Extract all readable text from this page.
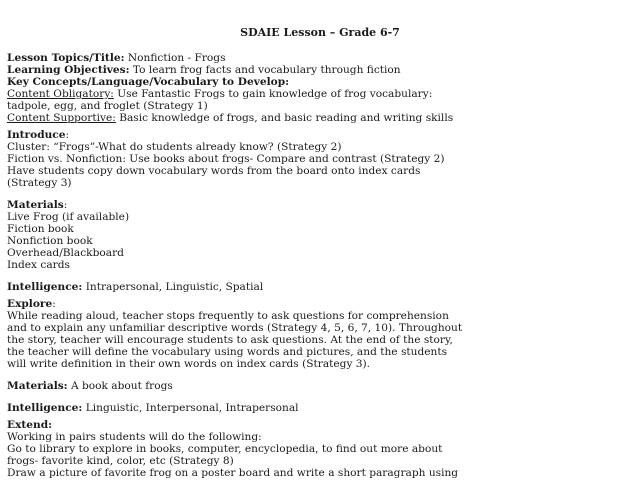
SDAIE Lesson – Grade 6-7
Lesson Topics/Title: Nonfiction - Frogs
Learning Objectives: To learn frog facts and vocabulary through fiction
Key Concepts/Language/Vocabulary to Develop:
Content Obligatory: Use Fantastic Frogs to gain knowledge of frog vocabulary:
tadpole, egg, and froglet (Strategy 1)
Content Supportive: Basic knowledge of frogs, and basic reading and writing skills
Introduce:
Cluster: “Frogs”-What do students already know? (Strategy 2)
Fiction vs. Nonfiction: Use books about frogs- Compare and contrast (Strategy 2)
Have students copy down vocabulary words from the board onto index cards
(Strategy 3)
Materials:
Live Frog (if available)
Fiction book
Nonfiction book
Overhead/Blackboard
Index cards
Intelligence: Intrapersonal, Linguistic, Spatial
Explore:
While reading aloud, teacher stops frequently to ask questions for comprehension
and to explain any unfamiliar descriptive words (Strategy 4, 5, 6, 7, 10). Throughout
the story, teacher will encourage students to ask questions. At the end of the story,
the teacher will define the vocabulary using words and pictures, and the students
will write definition in their own words on index cards (Strategy 3).
Materials: A book about frogs
Intelligence: Linguistic, Interpersonal, Intrapersonal
Extend:
Working in pairs students will do the following:
Go to library to explore in books, computer, encyclopedia, to find out more about
frogs- favorite kind, color, etc (Strategy 8)
Draw a picture of favorite frog on a poster board and write a short paragraph using
